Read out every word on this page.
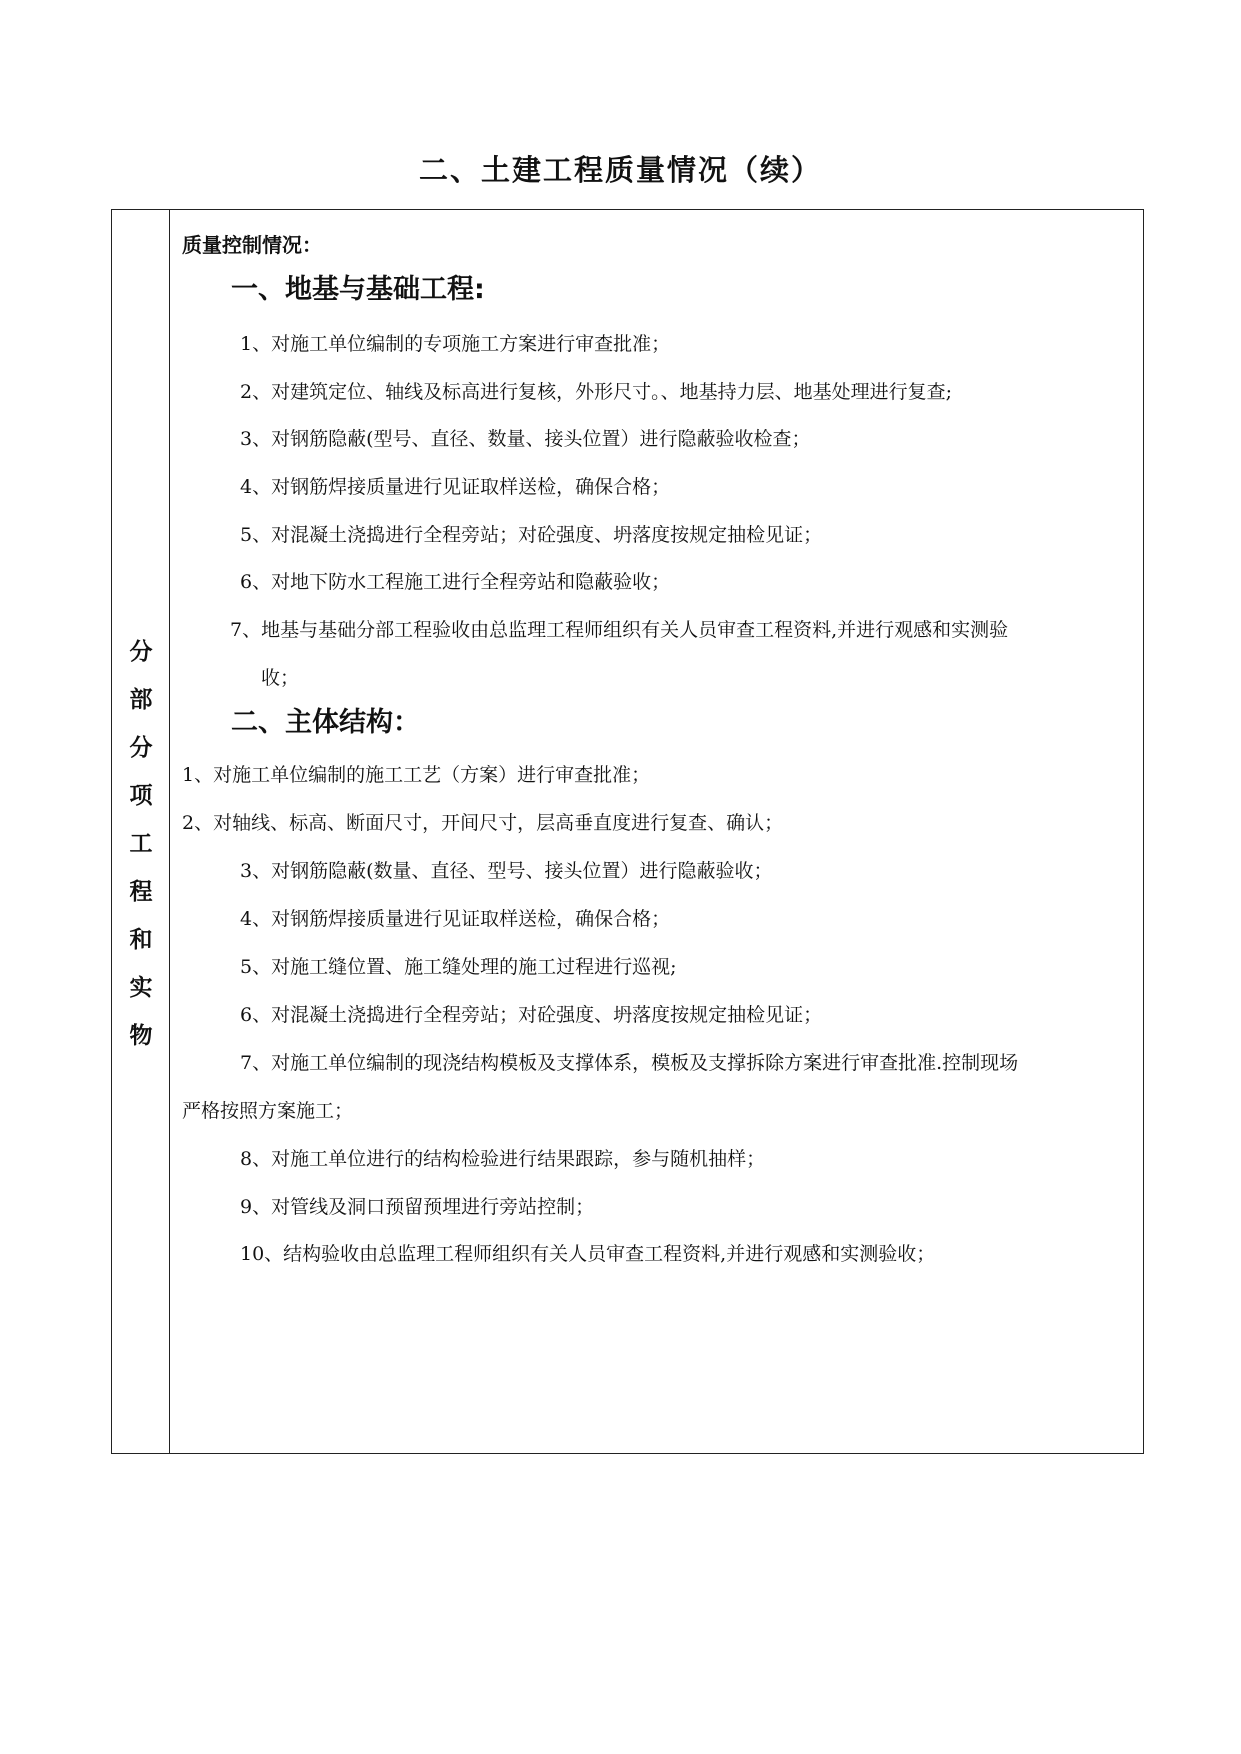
二、土建工程质量情况（续）
分
部
分
项
工
程
和
实
物
质量控制情况：
一、地基与基础工程:
1、对施工单位编制的专项施工方案进行审查批准；
2、对建筑定位、轴线及标高进行复核，外形尺寸。、地基持力层、地基处理进行复查;
3、对钢筋隐蔽(型号、直径、数量、接头位置）进行隐蔽验收检查；
4、对钢筋焊接质量进行见证取样送检，确保合格；
5、对混凝土浇捣进行全程旁站；对砼强度、坍落度按规定抽检见证；
6、对地下防水工程施工进行全程旁站和隐蔽验收；
7、地基与基础分部工程验收由总监理工程师组织有关人员审查工程资料,并进行观感和实测验
收；
二、主体结构：
1、对施工单位编制的施工工艺（方案）进行审查批准；
2、对轴线、标高、断面尺寸，开间尺寸，层高垂直度进行复查、确认；
3、对钢筋隐蔽(数量、直径、型号、接头位置）进行隐蔽验收；
4、对钢筋焊接质量进行见证取样送检，确保合格；
5、对施工缝位置、施工缝处理的施工过程进行巡视;
6、对混凝土浇捣进行全程旁站；对砼强度、坍落度按规定抽检见证；
7、对施工单位编制的现浇结构模板及支撑体系，模板及支撑拆除方案进行审查批准.控制现场
严格按照方案施工；
8、对施工单位进行的结构检验进行结果跟踪，参与随机抽样；
9、对管线及洞口预留预埋进行旁站控制；
10、结构验收由总监理工程师组织有关人员审查工程资料,并进行观感和实测验收；
